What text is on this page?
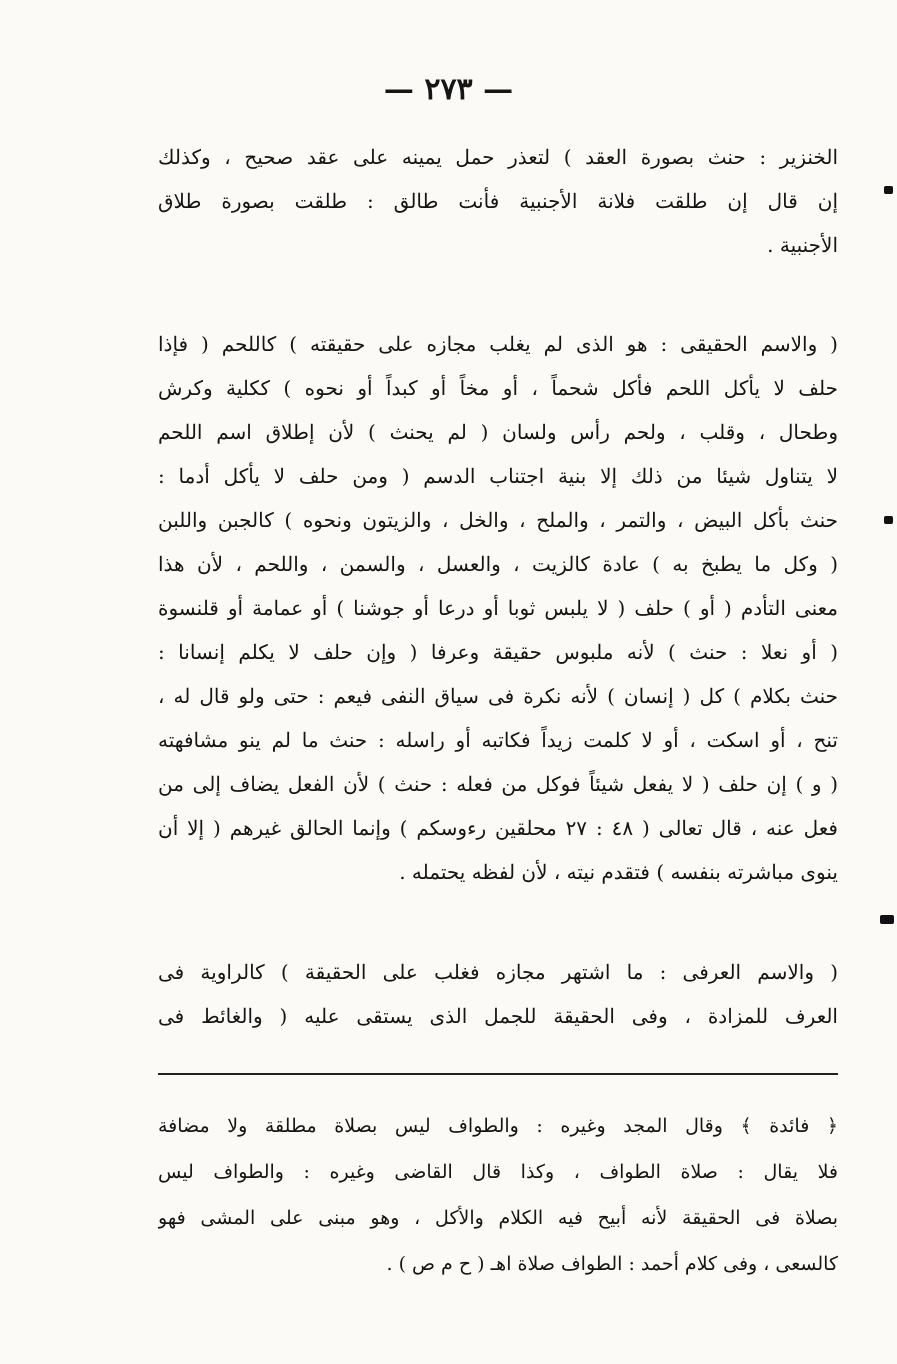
— ٢٧٣ —
الخنزير : حنث بصورة العقد ) لتعذر حمل يمينه على عقد صحيح ، وكذلك
إن قال إن طلقت فلانة الأجنبية فأنت طالق : طلقت بصورة طلاق
الأجنبية .
( والاسم الحقيقى : هو الذى لم يغلب مجازه على حقيقته ) كاللحم ( فإذا
حلف لا يأكل اللحم فأكل شحماً ، أو مخاً أو كبداً أو نحوه ) ككلية وكرش
وطحال ، وقلب ، ولحم رأس ولسان ( لم يحنث ) لأن إطلاق اسم اللحم
لا يتناول شيئا من ذلك إلا بنية اجتناب الدسم ( ومن حلف لا يأكل أدما :
حنث بأكل البيض ، والتمر ، والملح ، والخل ، والزيتون ونحوه ) كالجبن واللبن
( وكل ما يطبخ به ) عادة كالزيت ، والعسل ، والسمن ، واللحم ، لأن هذا
معنى التأدم ( أو ) حلف ( لا يلبس ثوبا أو درعا أو جوشنا ) أو عمامة أو قلنسوة
( أو نعلا : حنث ) لأنه ملبوس حقيقة وعرفا ( وإن حلف لا يكلم إنسانا :
حنث بكلام ) كل ( إنسان ) لأنه نكرة فى سياق النفى فيعم : حتى ولو قال له ،
تنح ، أو اسكت ، أو لا كلمت زيداً فكاتبه أو راسله : حنث ما لم ينو مشافهته
( و ) إن حلف ( لا يفعل شيئاً فوكل من فعله : حنث ) لأن الفعل يضاف إلى من
فعل عنه ، قال تعالى ( ٤٨ : ٢٧ محلقين رءوسكم ) وإنما الحالق غيرهم ( إلا أن
ينوى مباشرته بنفسه ) فتقدم نيته ، لأن لفظه يحتمله .
( والاسم العرفى : ما اشتهر مجازه فغلب على الحقيقة ) كالراوية فى
العرف للمزادة ، وفى الحقيقة للجمل الذى يستقى عليه ( والغائط فى
﴿ فائدة ﴾ وقال المجد وغيره : والطواف ليس بصلاة مطلقة ولا مضافة
فلا يقال : صلاة الطواف ، وكذا قال القاضى وغيره : والطواف ليس
بصلاة فى الحقيقة لأنه أبيح فيه الكلام والأكل ، وهو مبنى على المشى فهو
كالسعى ، وفى كلام أحمد : الطواف صلاة اهـ ( ح م ص ) .
